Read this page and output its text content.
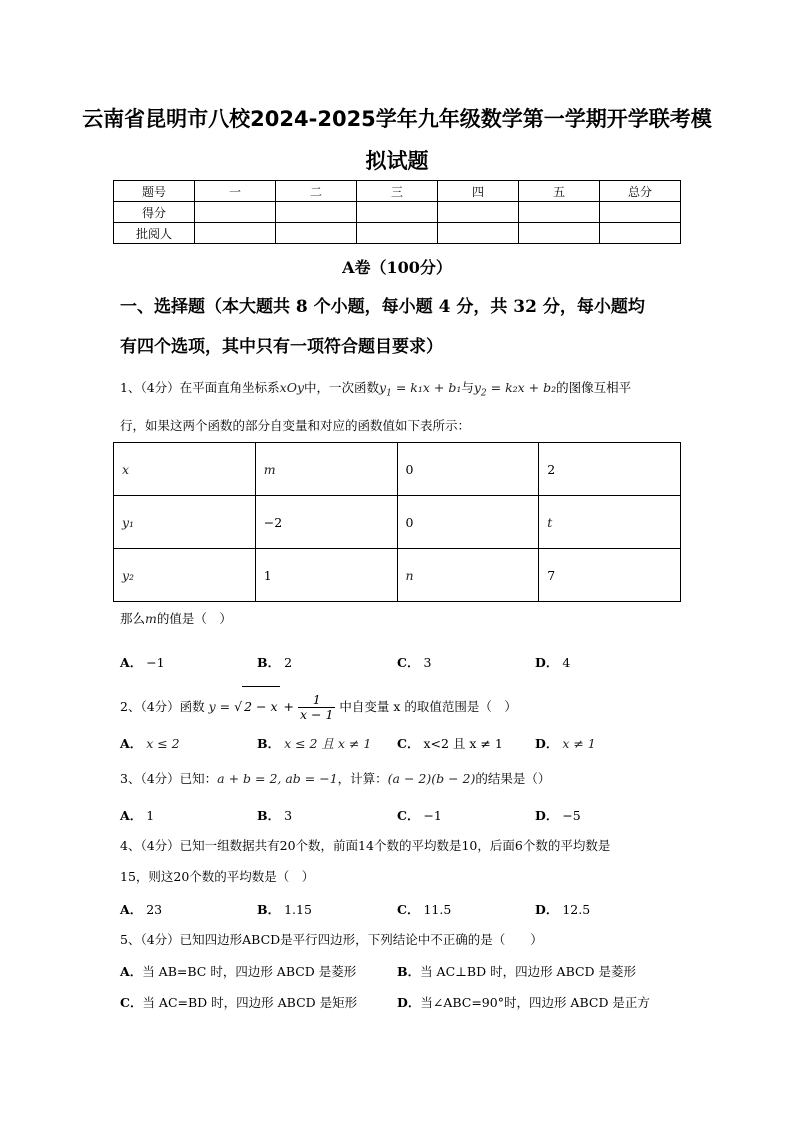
云南省昆明市八校2024-2025学年九年级数学第一学期开学联考模
拟试题
题号	一	二	三	四	五	总分
得分						
批阅人						
A卷（100分）
一、选择题（本大题共 8 个小题，每小题 4 分，共 32 分，每小题均
有四个选项，其中只有一项符合题目要求）
1、（4分）在平面直角坐标系xOy中，一次函数$y_1 = k_1x + b_1$与$y_2 = k_2x + b_2$的图像互相平
行，如果这两个函数的部分自变量和对应的函数值如下表所示：
x	m	0	2
y₁	−2	0	t
y₂	1	n	7
那么m的值是（　）
A． −1	B． 2	C． 3	D． 4
2、（4分）函数 y = √ $2 - x + \frac{1}{x - 1}$ 中自变量 x 的取值范围是（　）
A． x ≤ 2	B． x ≤ 2 且 x ≠ 1 C． x<2 且 x ≠ 1	D． x ≠ 1
3、（4分）已知：a + b = 2, ab = −1，计算：(a − 2)(b − 2)的结果是（）
A． 1	B． 3	C． −1	D． −5
4、（4分）已知一组数据共有20个数，前面14个数的平均数是10，后面6个数的平均数是
15，则这20个数的平均数是（　）
A． 23	B． 1.15	C． 11.5	D． 12.5
5、（4分）已知四边形ABCD是平行四边形，下列结论中不正确的是（　　）
A．当 AB=BC 时，四边形 ABCD 是菱形	B．当 AC⊥BD 时，四边形 ABCD 是菱形
C．当 AC=BD 时，四边形 ABCD 是矩形	D．当∠ABC=90°时，四边形 ABCD 是正方
